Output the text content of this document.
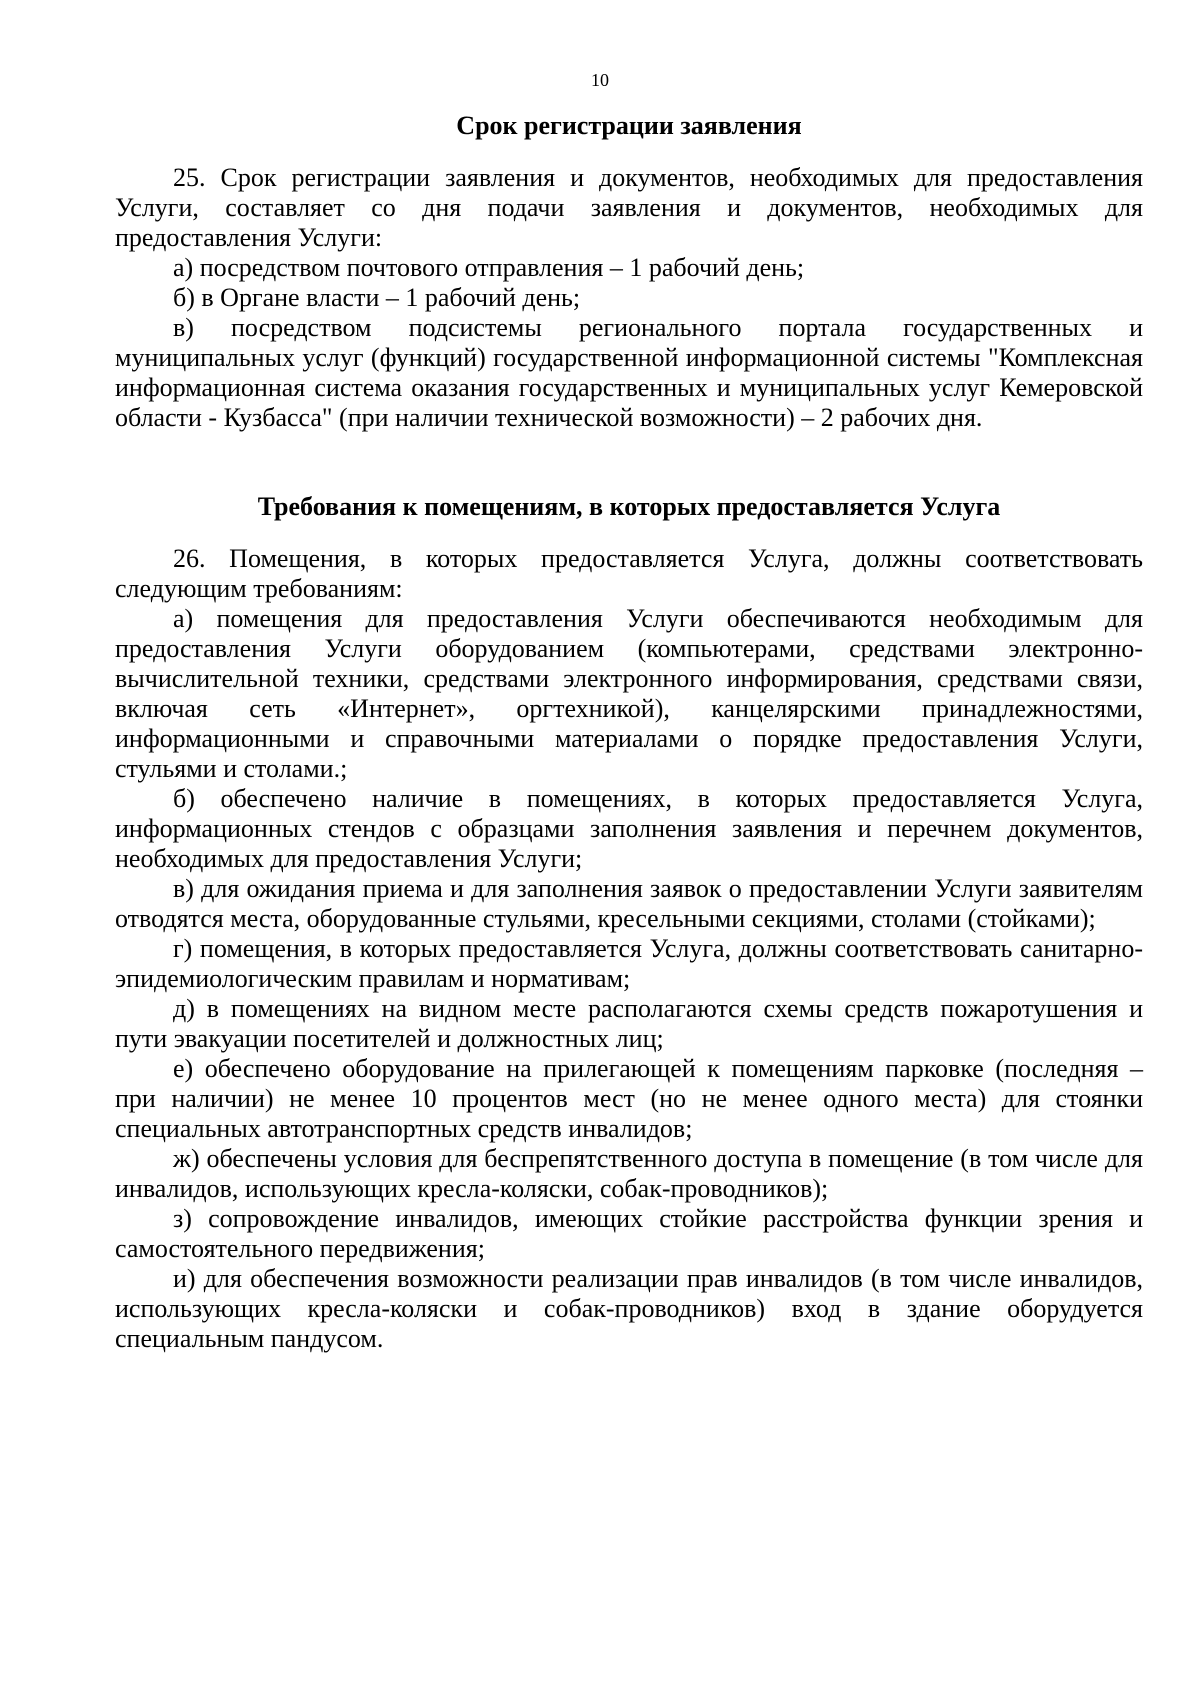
10
Срок регистрации заявления

25. Срок регистрации заявления и документов, необходимых для предоставления Услуги, составляет со дня подачи заявления и документов, необходимых для предоставления Услуги:

а) посредством почтового отправления – 1 рабочий день;

б) в Органе власти – 1 рабочий день;

в) посредством подсистемы регионального портала государственных и муниципальных услуг (функций) государственной информационной системы "Комплексная информационная система оказания государственных и муниципальных услуг Кемеровской области - Кузбасса" (при наличии технической возможности) – 2 рабочих дня.

Требования к помещениям, в которых предоставляется Услуга

26. Помещения, в которых предоставляется Услуга, должны соответствовать следующим требованиям:

а) помещения для предоставления Услуги обеспечиваются необходимым для предоставления Услуги оборудованием (компьютерами, средствами электронно-вычислительной техники, средствами электронного информирования, средствами связи, включая сеть «Интернет», оргтехникой), канцелярскими принадлежностями, информационными и справочными материалами о порядке предоставления Услуги, стульями и столами.;

б) обеспечено наличие в помещениях, в которых предоставляется Услуга, информационных стендов с образцами заполнения заявления и перечнем документов, необходимых для предоставления Услуги;

в) для ожидания приема и для заполнения заявок о предоставлении Услуги заявителям отводятся места, оборудованные стульями, кресельными секциями, столами (стойками);

г) помещения, в которых предоставляется Услуга, должны соответствовать санитарно-эпидемиологическим правилам и нормативам;

д) в помещениях на видном месте располагаются схемы средств пожаротушения и пути эвакуации посетителей и должностных лиц;

е) обеспечено оборудование на прилегающей к помещениям парковке (последняя – при наличии) не менее 10 процентов мест (но не менее одного места) для стоянки специальных автотранспортных средств инвалидов;

ж) обеспечены условия для беспрепятственного доступа в помещение (в том числе для инвалидов, использующих кресла-коляски, собак-проводников);

з) сопровождение инвалидов, имеющих стойкие расстройства функции зрения и самостоятельного передвижения;

и) для обеспечения возможности реализации прав инвалидов (в том числе инвалидов, использующих кресла-коляски и собак-проводников) вход в здание оборудуется специальным пандусом.
